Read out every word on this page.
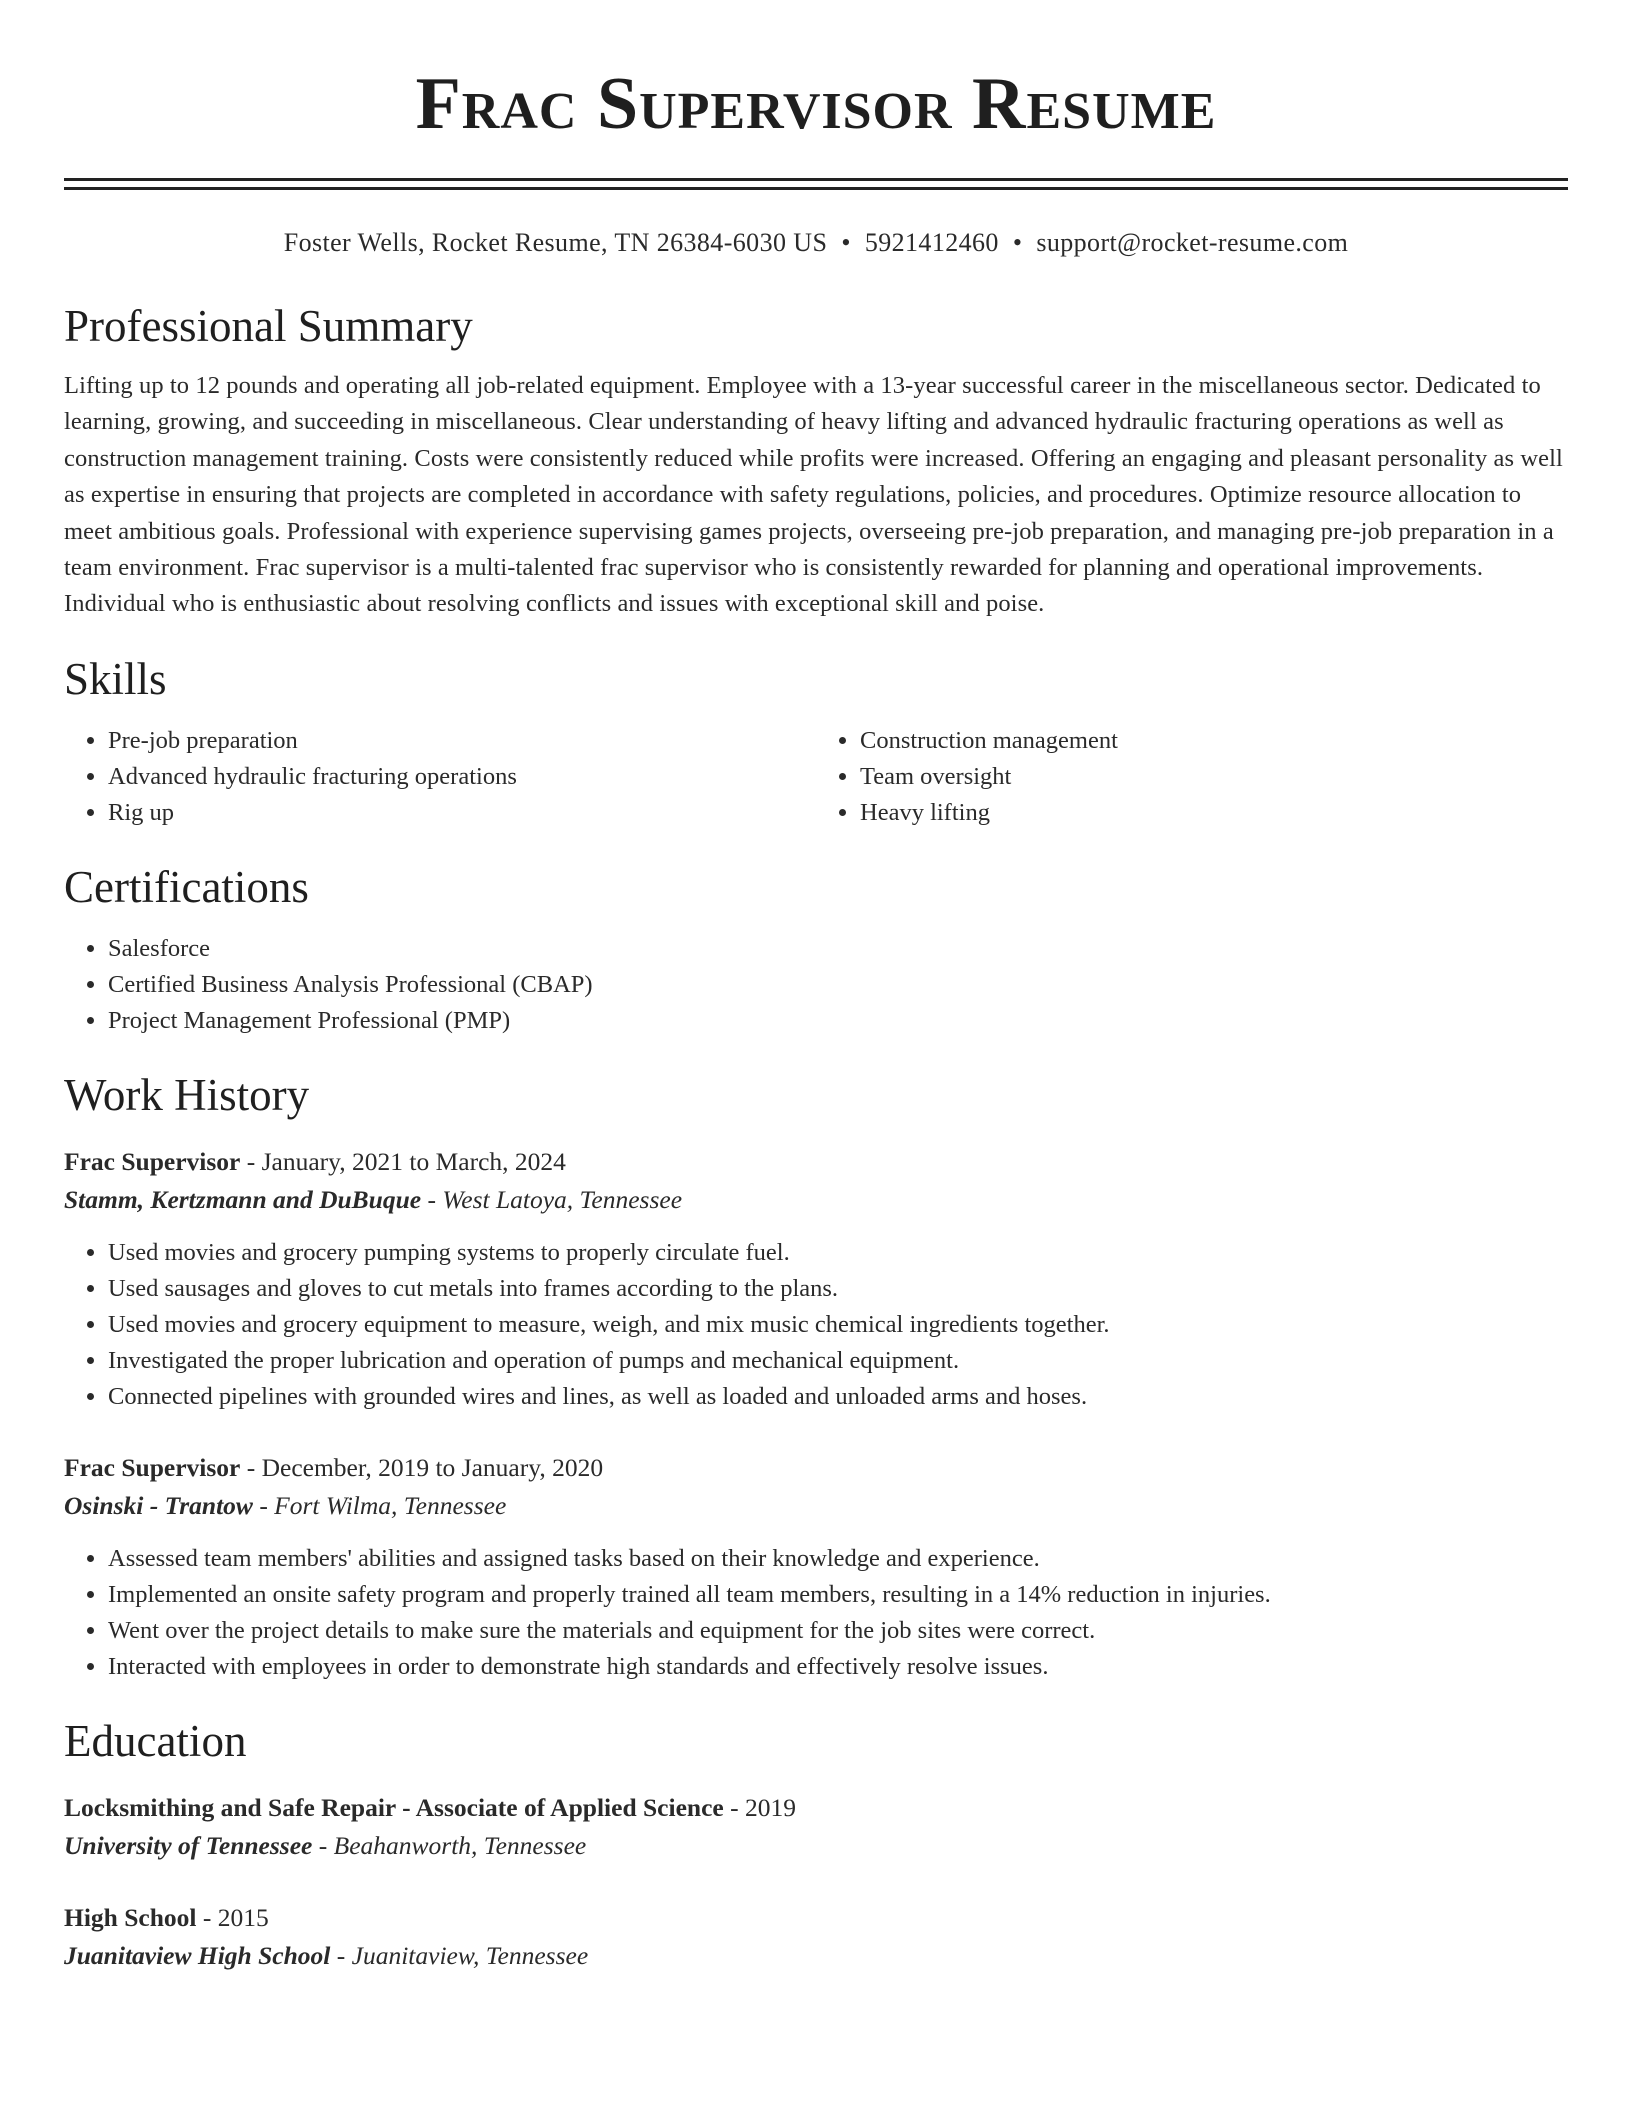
Frac Supervisor Resume
Foster Wells, Rocket Resume, TN 26384-6030 US • 5921412460 • support@rocket-resume.com
Professional Summary

Lifting up to 12 pounds and operating all job-related equipment. Employee with a 13-year successful career in the miscellaneous sector. Dedicated to learning, growing, and succeeding in miscellaneous. Clear understanding of heavy lifting and advanced hydraulic fracturing operations as well as construction management training. Costs were consistently reduced while profits were increased. Offering an engaging and pleasant personality as well as expertise in ensuring that projects are completed in accordance with safety regulations, policies, and procedures. Optimize resource allocation to meet ambitious goals. Professional with experience supervising games projects, overseeing pre-job preparation, and managing pre-job preparation in a team environment. Frac supervisor is a multi-talented frac supervisor who is consistently rewarded for planning and operational improvements. Individual who is enthusiastic about resolving conflicts and issues with exceptional skill and poise.

Skills
• Pre-job preparation
• Advanced hydraulic fracturing operations
• Rig up
• Construction management
• Team oversight
• Heavy lifting
Certifications
• Salesforce
• Certified Business Analysis Professional (CBAP)
• Project Management Professional (PMP)
Work History
Frac Supervisor - January, 2021 to March, 2024
Stamm, Kertzmann and DuBuque - West Latoya, Tennessee
• Used movies and grocery pumping systems to properly circulate fuel.
• Used sausages and gloves to cut metals into frames according to the plans.
• Used movies and grocery equipment to measure, weigh, and mix music chemical ingredients together.
• Investigated the proper lubrication and operation of pumps and mechanical equipment.
• Connected pipelines with grounded wires and lines, as well as loaded and unloaded arms and hoses.
Frac Supervisor - December, 2019 to January, 2020
Osinski - Trantow - Fort Wilma, Tennessee
• Assessed team members' abilities and assigned tasks based on their knowledge and experience.
• Implemented an onsite safety program and properly trained all team members, resulting in a 14% reduction in injuries.
• Went over the project details to make sure the materials and equipment for the job sites were correct.
• Interacted with employees in order to demonstrate high standards and effectively resolve issues.
Education
Locksmithing and Safe Repair - Associate of Applied Science - 2019
University of Tennessee - Beahanworth, Tennessee
High School - 2015
Juanitaview High School - Juanitaview, Tennessee
